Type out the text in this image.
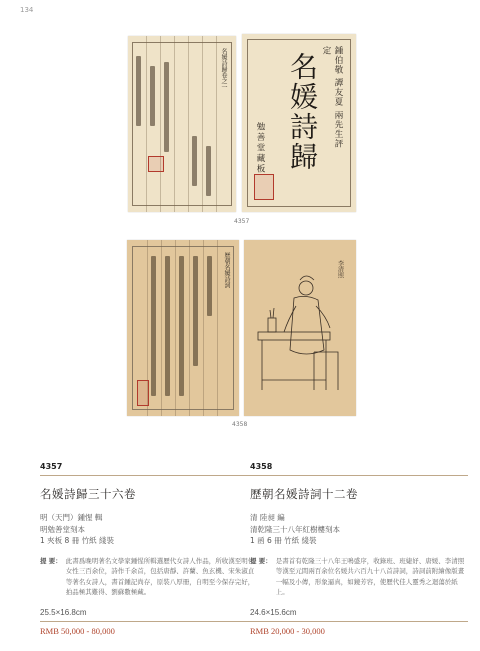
名媛詩歸卷之一 名媛詩歸	鍾伯敬 譚友夏 兩先生評定
勉善堂藏板
4357
歷朝名媛詩詞	李清照
4358
4357
名媛詩歸三十六卷
明（天門）鍾惺 輯
明勉善堂刻本
1 夾板 8 冊 竹紙 綫裝
提 要： 此書爲晚明著名文學家鍾惺所輯選歷代女詩人作品，所收漢至明代女性三百余位，詩作千余首，包括唐靜、許蘭、魚玄機、宋朱淑貞等著名女詩人，書首鍾記尚存，原裝八厚冊，自明至今保存完好，拍品極其難得、劉蘇數極藏。
25.5×16.8cm
RMB 50,000 - 80,000
4358
歷朝名媛詩詞十二卷
清 陸昶 編
清乾隆三十八年紅樹樓刻本
1 函 6 冊 竹紙 綫裝
提 要： 是書首有乾隆三十八年王鳴盛序，收錄班、班婕妤、唐媛、李清照等漢至元間兩百余位名媛共六百九十八首詩詞，詩詞前附繪像版畫一幅及小傳，形象逼真，如鏡芳容，使歷代佳人靈秀之迴蕩於紙上。
24.6×15.6cm
RMB 20,000 - 30,000
134
